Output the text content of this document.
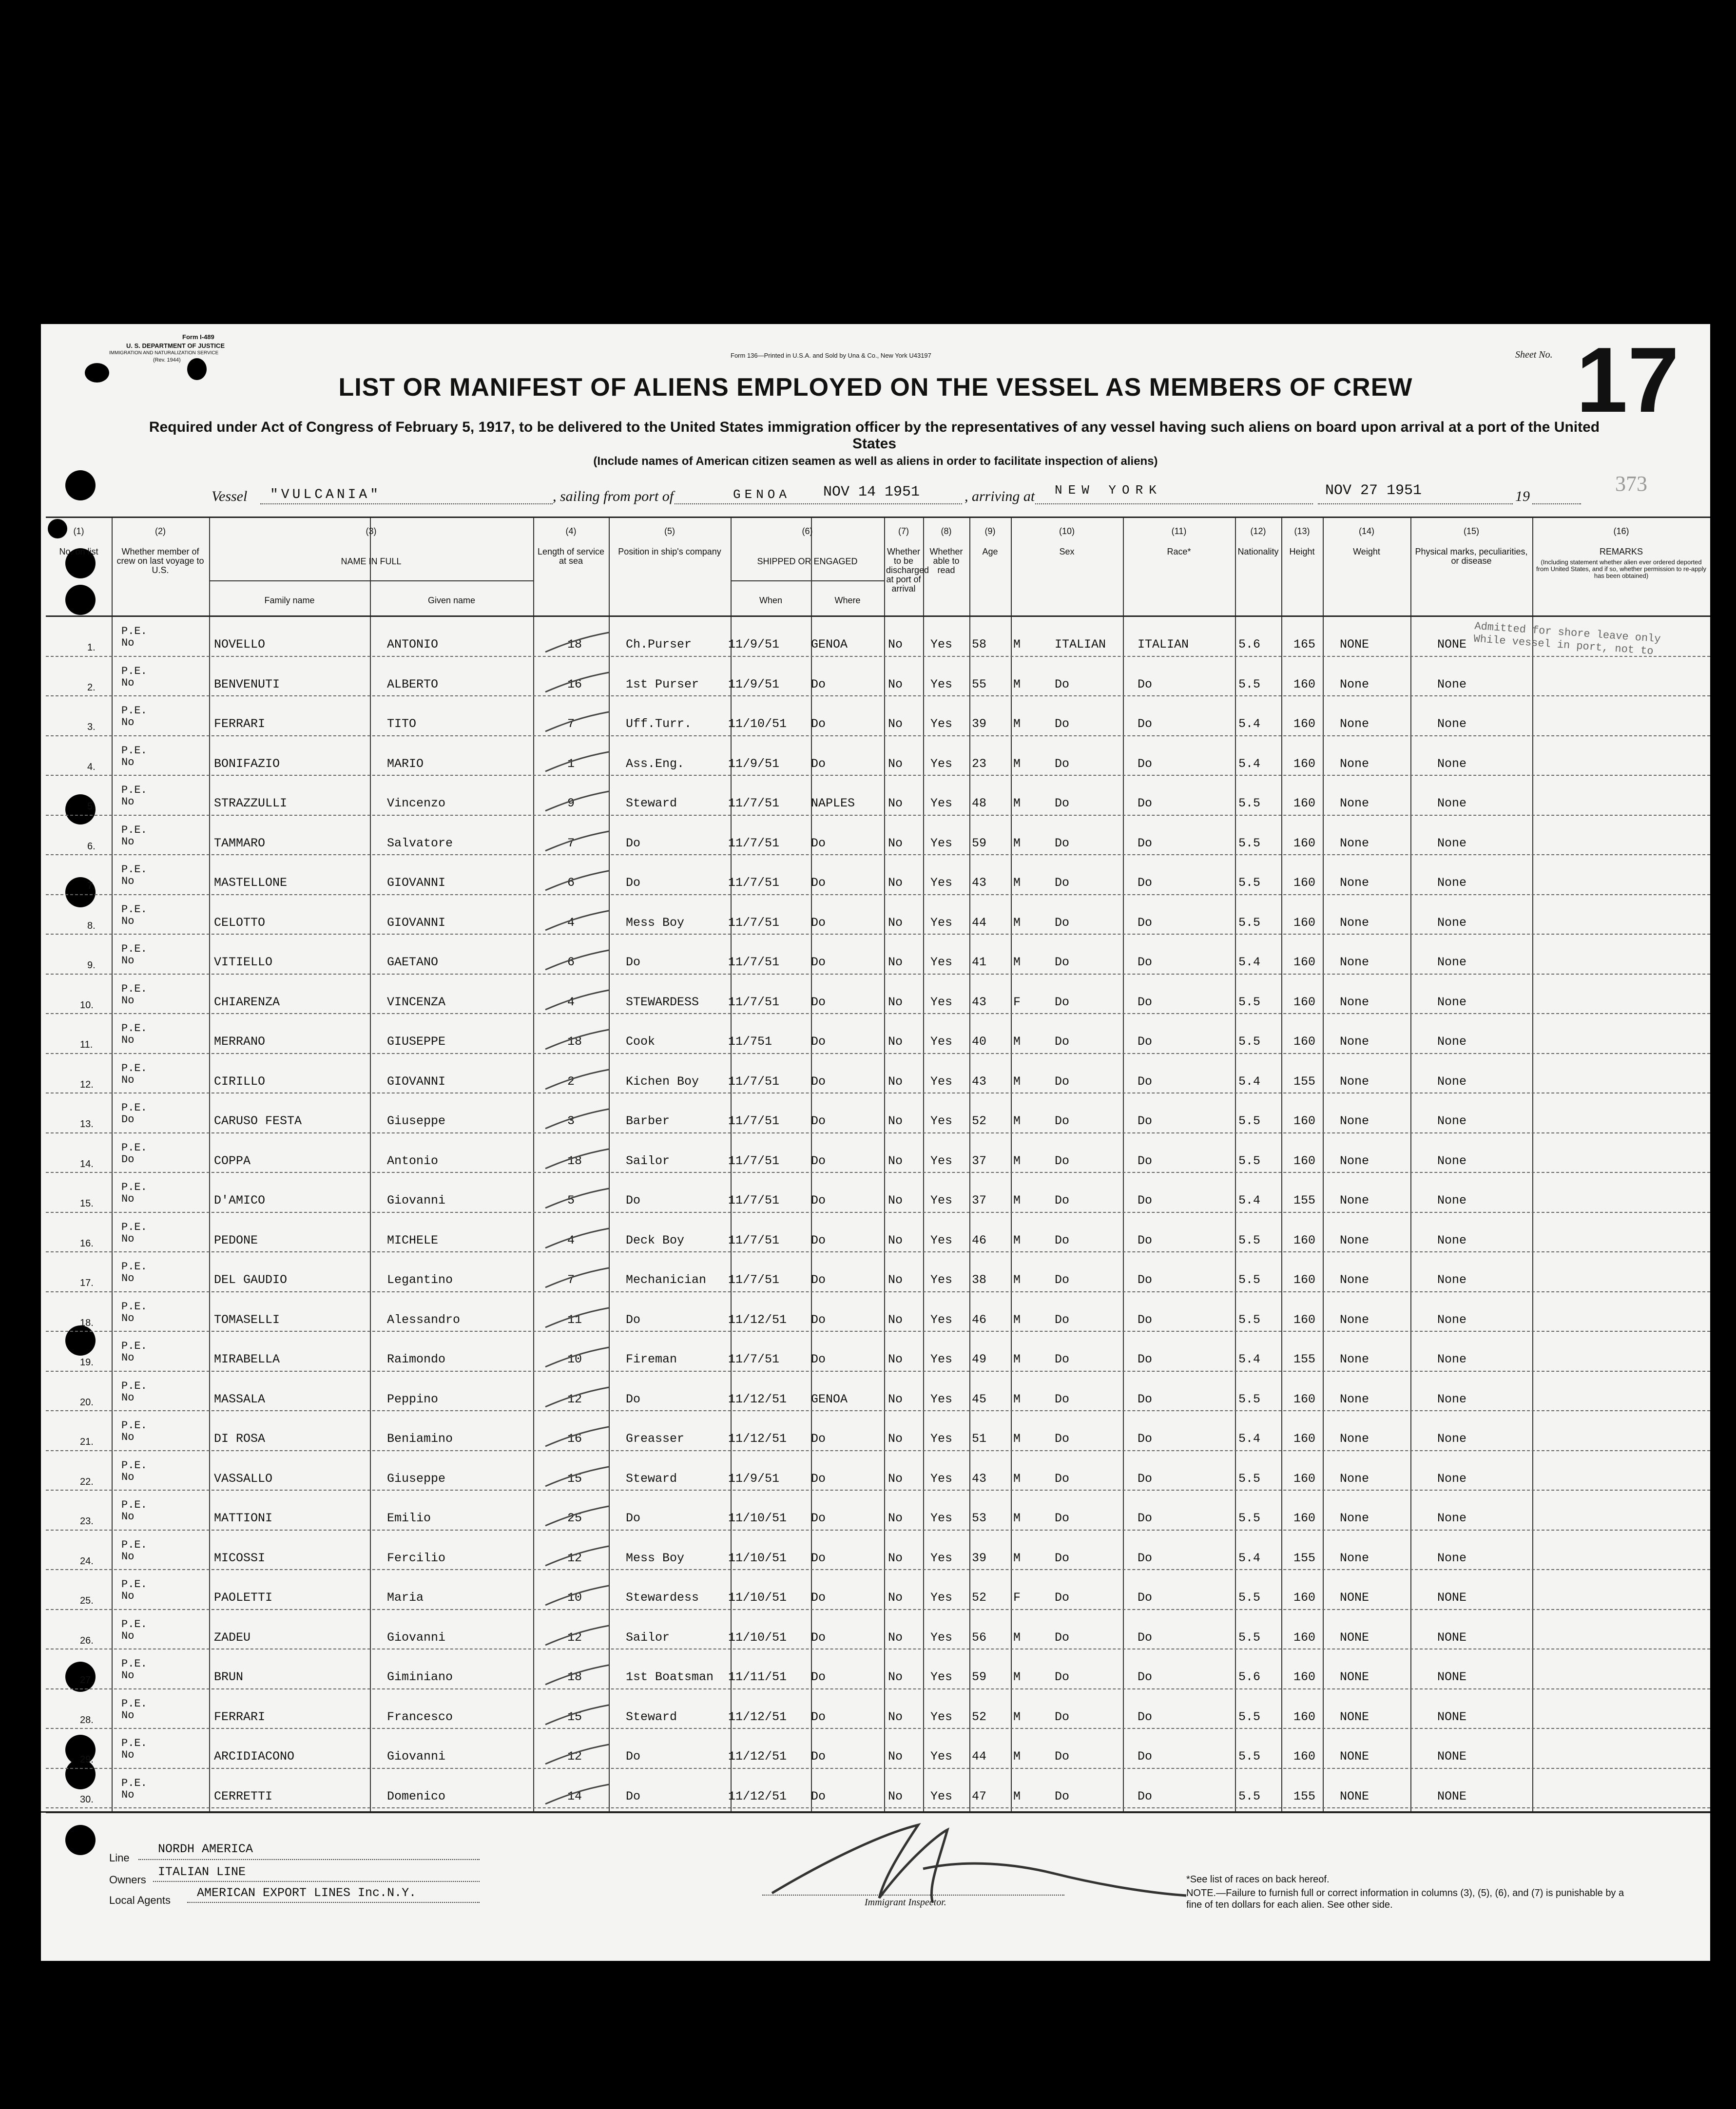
Form I-489
U. S. DEPARTMENT OF JUSTICE
IMMIGRATION AND NATURALIZATION SERVICE
(Rev. 1944)
Form 136—Printed in U.S.A. and Sold by Una & Co., New York U43197	Sheet No. 17
LIST OR MANIFEST OF ALIENS EMPLOYED ON THE VESSEL AS MEMBERS OF CREW
Required under Act of Congress of February 5, 1917, to be delivered to the United States immigration officer by the representatives of any vessel having such aliens on board upon arrival at a port of the United States
(Include names of American citizen seamen as well as aliens in order to facilitate inspection of aliens)
Vessel "VULCANIA"	, sailing from port of	GENOA NOV 14 1951	, arriving at NEW YORK	NOV 27 1951	19
373
(1)
No. on list
(2)
Whether member of crew on last voyage to U.S.
(3)
NAME IN FULL
Family name	Given name
(4)
Length of service at sea
(5)
Position in ship's company
(6)
SHIPPED OR ENGAGED
When	Where
(7)
Whether to be discharged at port of arrival
(8)
Whether able to read
(9)
Age
(10)
Sex
(11)
Race*
(12)
Nationality
(13)
Height
(14)
Weight
(15)
Physical marks, peculiarities, or disease
(16)
REMARKS
(Including statement whether alien ever ordered deported from United States, and if so, whether permission to re-apply has been obtained)
1.
P.E.
No	NOVELLO	ANTONIO	18	Ch.Purser	11/9/51	GENOA	No Yes 58 M	ITALIAN	ITALIAN	5.6	165 NONE	NONE
2.
P.E.
No	BENVENUTI	ALBERTO	16	1st Purser 11/9/51	Do	No Yes 55 M	Do	Do	5.5	160 None	None
3.
P.E.
No	FERRARI	TITO	7	Uff.Turr.	11/10/51 Do	No Yes 39 M	Do	Do	5.4	160 None	None
4.
P.E.
No	BONIFAZIO	MARIO	1	Ass.Eng.	11/9/51	Do	No Yes 23 M	Do	Do	5.4	160 None	None
5.
P.E.
No	STRAZZULLI	Vincenzo	9	Steward	11/7/51	NAPLES	No Yes 48 M	Do	Do	5.5	160 None	None
6.
P.E.
No	TAMMARO	Salvatore	7	Do	11/7/51	Do	No Yes 59 M	Do	Do	5.5	160 None	None
7.
P.E.
No	MASTELLONE	GIOVANNI	6	Do	11/7/51	Do	No Yes 43 M	Do	Do	5.5	160 None	None
8.
P.E.
No	CELOTTO	GIOVANNI	4	Mess Boy	11/7/51	Do	No Yes 44 M	Do	Do	5.5	160 None	None
9.
P.E.
No	VITIELLO	GAETANO	6	Do	11/7/51	Do	No Yes 41 M	Do	Do	5.4	160 None	None
10.
P.E.
No	CHIARENZA	VINCENZA	4	STEWARDESS 11/7/51	Do	No Yes 43 F	Do	Do	5.5	160 None	None
11.
P.E.
No	MERRANO	GIUSEPPE	18	Cook	11/751	Do	No Yes 40 M	Do	Do	5.5	160 None	None
12.
P.E.
No	CIRILLO	GIOVANNI	2	Kichen Boy 11/7/51	Do	No Yes 43 M	Do	Do	5.4	155 None	None
13.
P.E.
Do	CARUSO FESTA	Giuseppe	3	Barber	11/7/51	Do	No Yes 52 M	Do	Do	5.5	160 None	None
14.
P.E.
Do	COPPA	Antonio	18	Sailor	11/7/51	Do	No Yes 37 M	Do	Do	5.5	160 None	None
15.
P.E.
No	D'AMICO	Giovanni	5	Do	11/7/51	Do	No Yes 37 M	Do	Do	5.4	155 None	None
16.
P.E.
No	PEDONE	MICHELE	4	Deck Boy	11/7/51	Do	No Yes 46 M	Do	Do	5.5	160 None	None
17.
P.E.
No	DEL GAUDIO	Legantino	7	Mechanician 11/7/51	Do	No Yes 38 M	Do	Do	5.5	160 None	None
18.
P.E.
No	TOMASELLI	Alessandro	11	Do	11/12/51 Do	No Yes 46 M	Do	Do	5.5	160 None	None
19.
P.E.
No	MIRABELLA	Raimondo	10	Fireman	11/7/51	Do	No Yes 49 M	Do	Do	5.4	155 None	None
20.
P.E.
No	MASSALA	Peppino	12	Do	11/12/51 GENOA	No Yes 45 M	Do	Do	5.5	160 None	None
21.
P.E.
No	DI ROSA	Beniamino	16	Greasser	11/12/51 Do	No Yes 51 M	Do	Do	5.4	160 None	None
22.
P.E.
No	VASSALLO	Giuseppe	15	Steward	11/9/51	Do	No Yes 43 M	Do	Do	5.5	160 None	None
23.
P.E.
No	MATTIONI	Emilio	25	Do	11/10/51 Do	No Yes 53 M	Do	Do	5.5	160 None	None
24.
P.E.
No	MICOSSI	Fercilio	12	Mess Boy	11/10/51 Do	No Yes 39 M	Do	Do	5.4	155 None	None
25.
P.E.
No	PAOLETTI	Maria	10	Stewardess 11/10/51 Do	No Yes 52 F	Do	Do	5.5	160 NONE	NONE
26.
P.E.
No	ZADEU	Giovanni	12	Sailor	11/10/51 Do	No Yes 56 M	Do	Do	5.5	160 NONE	NONE
27.
P.E.
No	BRUN	Giminiano	18	1st Boatsman 11/11/51 Do	No Yes 59 M	Do	Do	5.6	160 NONE	NONE
28.
P.E.
No	FERRARI	Francesco	15	Steward	11/12/51 Do	No Yes 52 M	Do	Do	5.5	160 NONE	NONE
29.
P.E.
No	ARCIDIACONO	Giovanni	12	Do	11/12/51 Do	No Yes 44 M	Do	Do	5.5	160 NONE	NONE
30.
P.E.
No	CERRETTI	Domenico	14	Do	11/12/51 Do	No Yes 47 M	Do	Do	5.5	155 NONE	NONE
Admitted for shore leave only While vessel in port, not to
Line
NORDH AMERICA
Owners
ITALIAN LINE
Local Agents
AMERICAN EXPORT LINES Inc.N.Y.
Immigrant Inspector.
*See list of races on back hereof.
NOTE.—Failure to furnish full or correct information in columns (3), (5), (6), and (7) is punishable by a fine of ten dollars for each alien. See other side.
